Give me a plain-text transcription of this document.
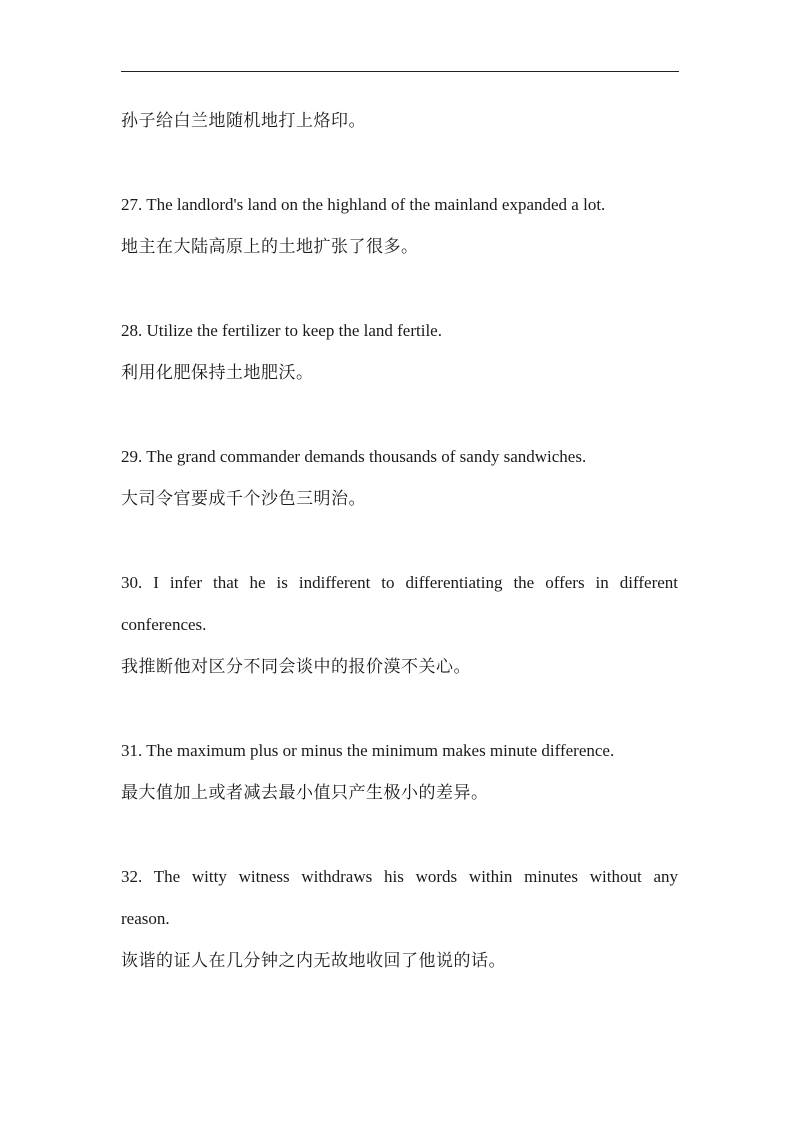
孙子给白兰地随机地打上烙印。

27. The landlord's land on the highland of the mainland expanded a lot.

地主在大陆高原上的土地扩张了很多。

28. Utilize the fertilizer to keep the land fertile.

利用化肥保持土地肥沃。

29. The grand commander demands thousands of sandy sandwiches.

大司令官要成千个沙色三明治。

30. I infer that he is indifferent to differentiating the offers in different

conferences.

我推断他对区分不同会谈中的报价漠不关心。

31. The maximum plus or minus the minimum makes minute difference.

最大值加上或者减去最小值只产生极小的差异。

32. The witty witness withdraws his words within minutes without any

reason.

诙谐的证人在几分钟之内无故地收回了他说的话。
